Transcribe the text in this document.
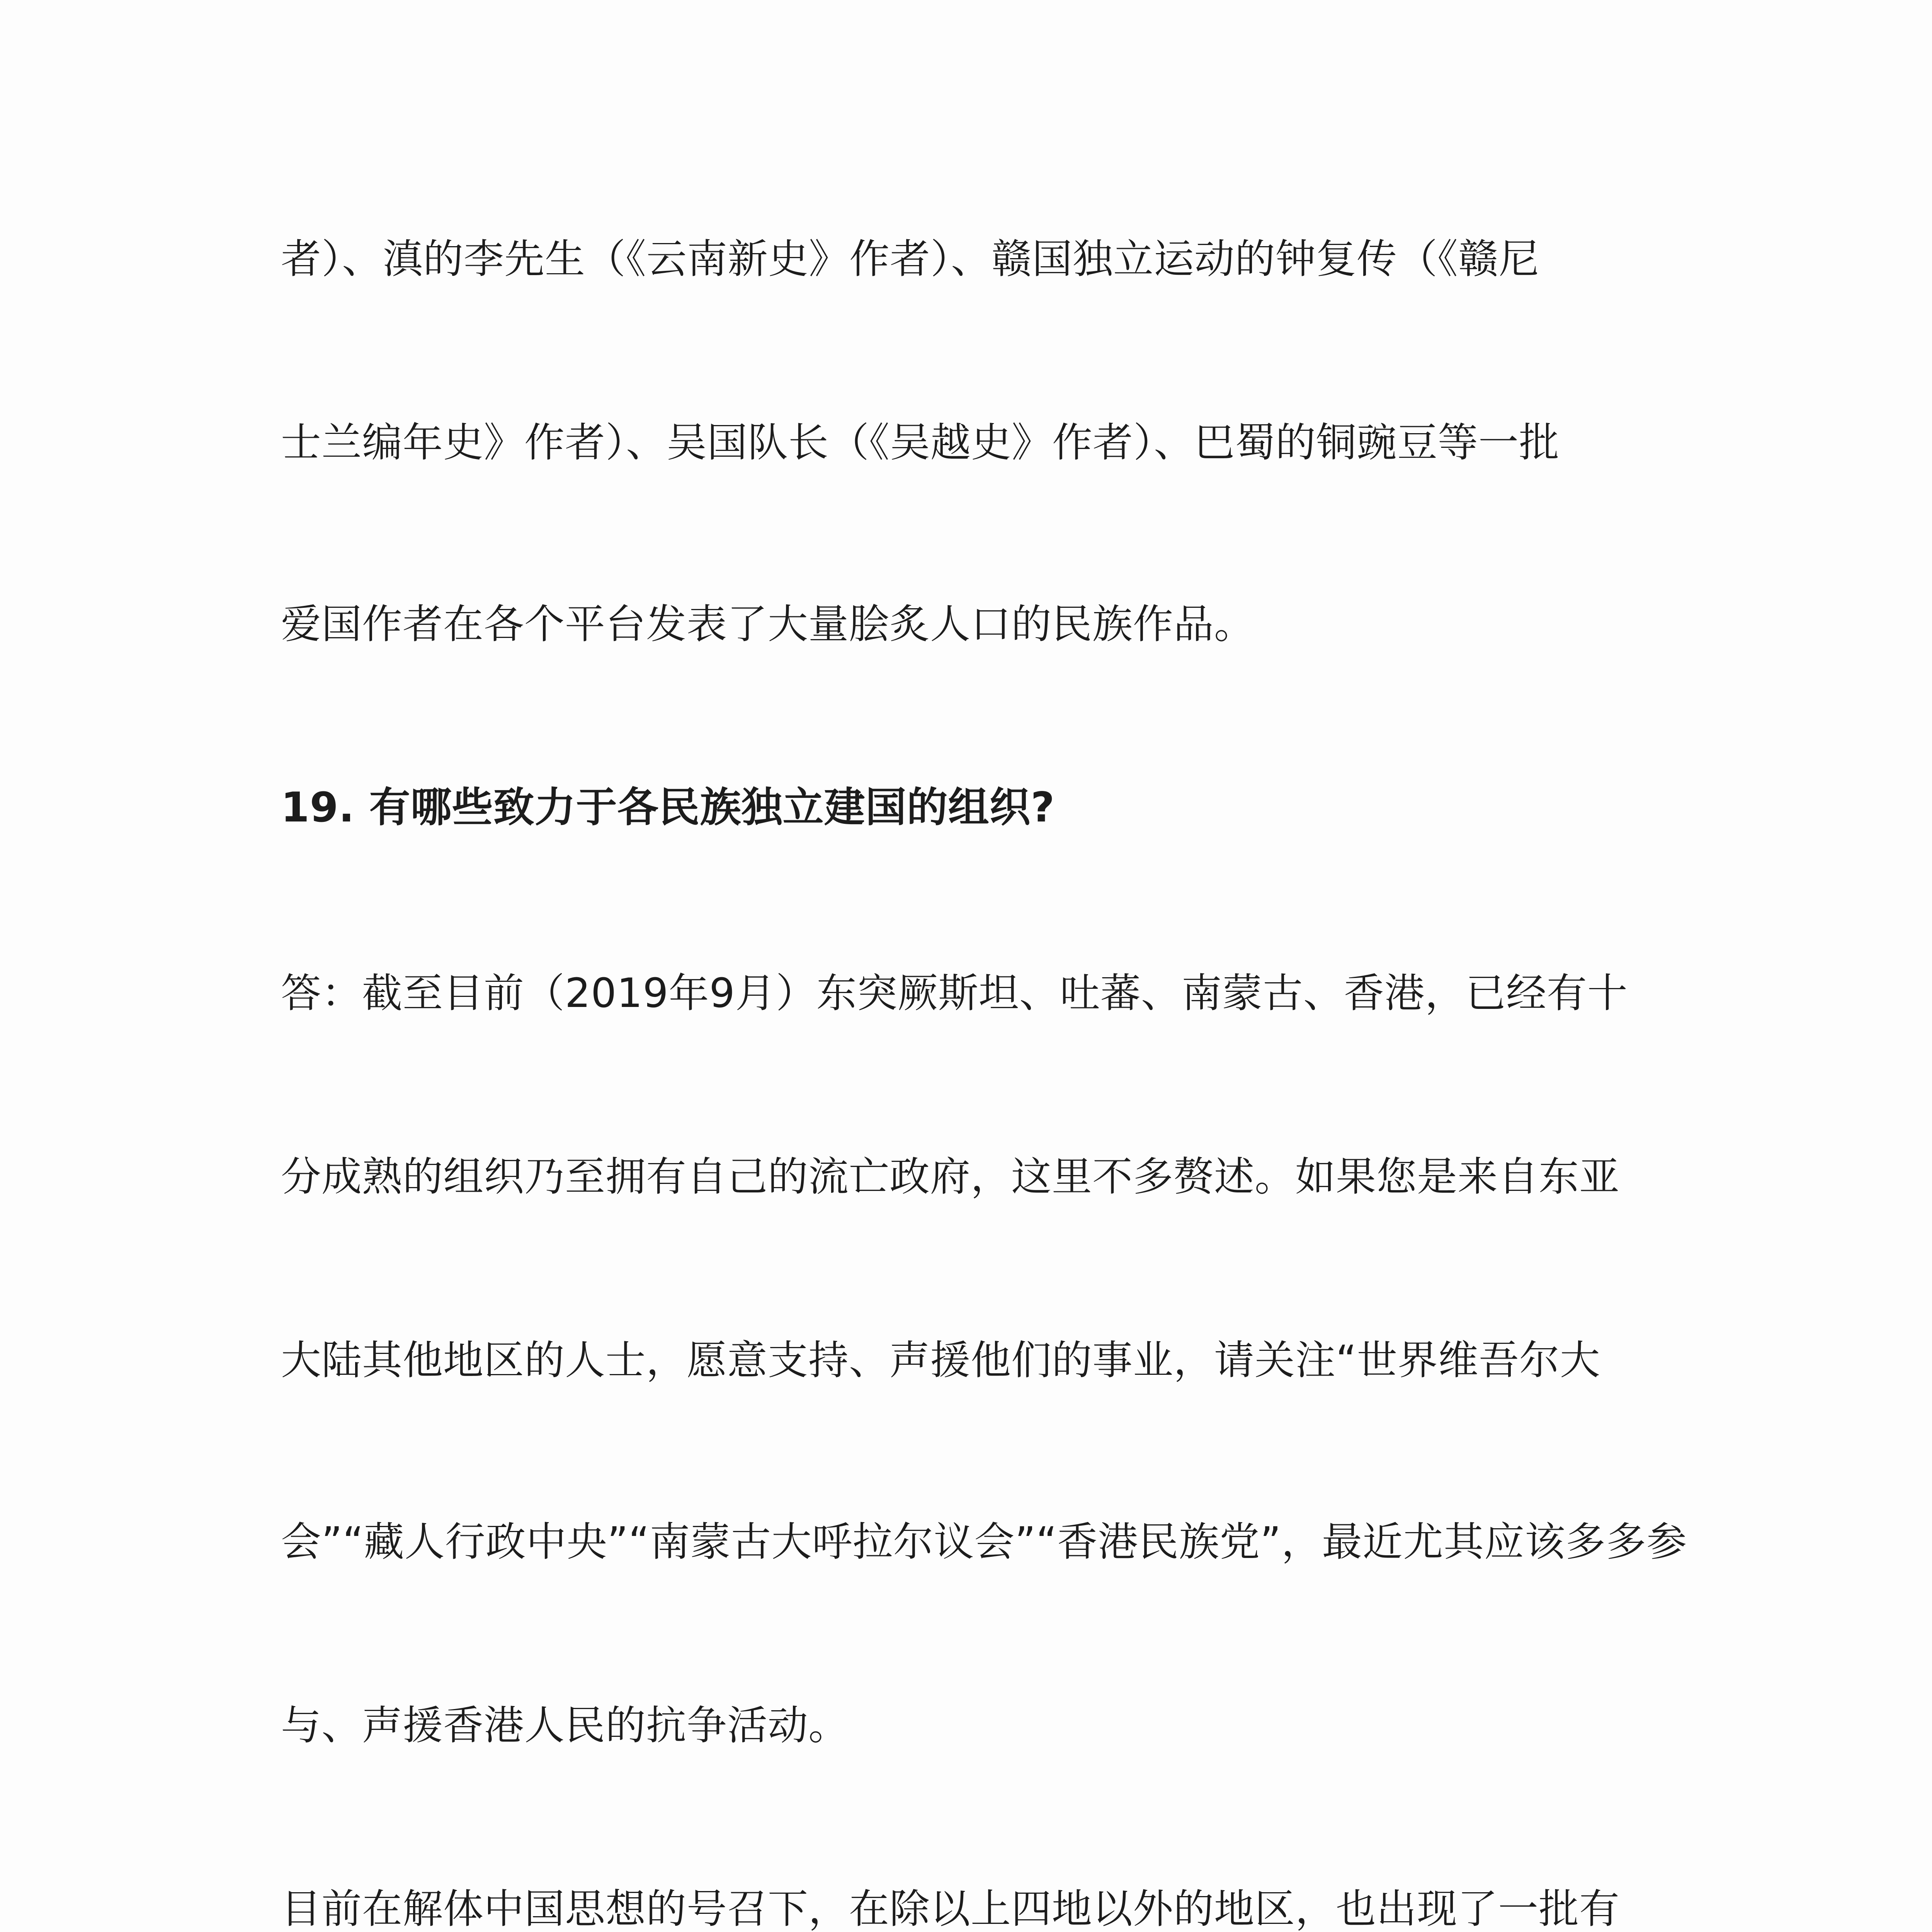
者）、滇的李先生（《云南新史》作者）、赣国独立运动的钟复传（《赣尼
士兰编年史》作者）、吴国队长（《吴越史》作者）、巴蜀的铜豌豆等一批
爱国作者在各个平台发表了大量脍炙人口的民族作品。
19. 有哪些致力于各民族独立建国的组织?
答：截至目前（2019年9月）东突厥斯坦、吐蕃、南蒙古、香港，已经有十
分成熟的组织乃至拥有自己的流亡政府，这里不多赘述。如果您是来自东亚
大陆其他地区的人士，愿意支持、声援他们的事业，请关注“世界维吾尔大
会”“藏人行政中央”“南蒙古大呼拉尔议会”“香港民族党”，最近尤其应该多多参
与、声援香港人民的抗争活动。
目前在解体中国思想的号召下，在除以上四地以外的地区，也出现了一批有
